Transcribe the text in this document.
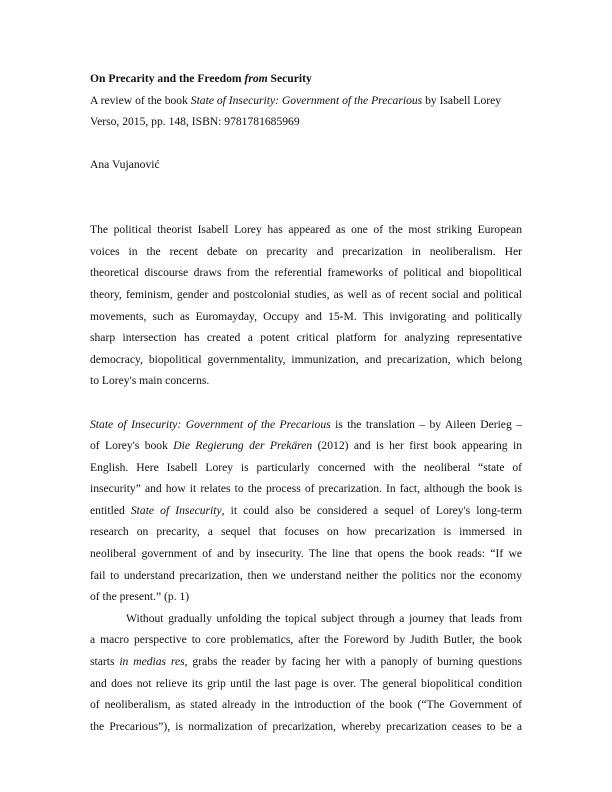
On Precarity and the Freedom from Security
A review of the book State of Insecurity: Government of the Precarious by Isabell Lorey
Verso, 2015, pp. 148, ISBN: 9781781685969
Ana Vujanović
The political theorist Isabell Lorey has appeared as one of the most striking European
voices in the recent debate on precarity and precarization in neoliberalism. Her
theoretical discourse draws from the referential frameworks of political and biopolitical
theory, feminism, gender and postcolonial studies, as well as of recent social and political
movements, such as Euromayday, Occupy and 15-M. This invigorating and politically
sharp intersection has created a potent critical platform for analyzing representative
democracy, biopolitical governmentality, immunization, and precarization, which belong
to Lorey's main concerns.
State of Insecurity: Government of the Precarious is the translation – by Aileen Derieg –
of Lorey's book Die Regierung der Prekären (2012) and is her first book appearing in
English. Here Isabell Lorey is particularly concerned with the neoliberal “state of
insecurity” and how it relates to the process of precarization. In fact, although the book is
entitled State of Insecurity, it could also be considered a sequel of Lorey's long-term
research on precarity, a sequel that focuses on how precarization is immersed in
neoliberal government of and by insecurity. The line that opens the book reads: “If we
fail to understand precarization, then we understand neither the politics nor the economy
of the present.” (p. 1)
Without gradually unfolding the topical subject through a journey that leads from
a macro perspective to core problematics, after the Foreword by Judith Butler, the book
starts in medias res, grabs the reader by facing her with a panoply of burning questions
and does not relieve its grip until the last page is over. The general biopolitical condition
of neoliberalism, as stated already in the introduction of the book (“The Government of
the Precarious”), is normalization of precarization, whereby precarization ceases to be a
